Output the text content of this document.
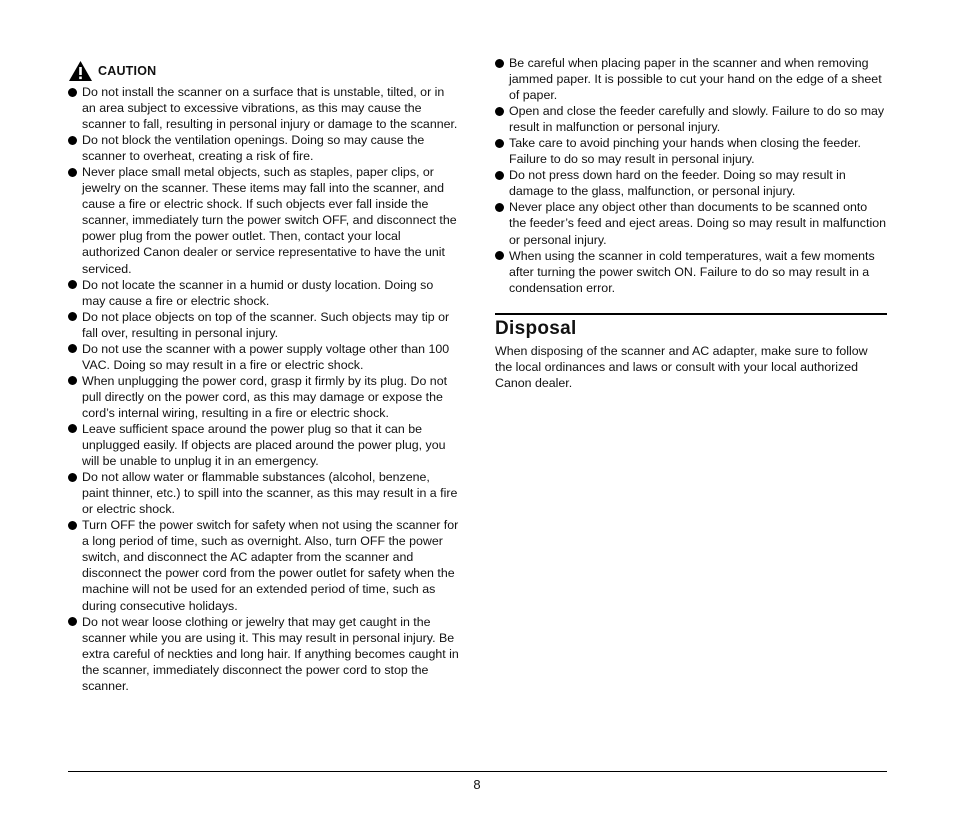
CAUTION
Do not install the scanner on a surface that is unstable, tilted, or in an area subject to excessive vibrations, as this may cause the scanner to fall, resulting in personal injury or damage to the scanner.
Do not block the ventilation openings. Doing so may cause the scanner to overheat, creating a risk of fire.
Never place small metal objects, such as staples, paper clips, or jewelry on the scanner. These items may fall into the scanner, and cause a fire or electric shock. If such objects ever fall inside the scanner, immediately turn the power switch OFF, and disconnect the power plug from the power outlet. Then, contact your local authorized Canon dealer or service representative to have the unit serviced.
Do not locate the scanner in a humid or dusty location. Doing so may cause a fire or electric shock.
Do not place objects on top of the scanner. Such objects may tip or fall over, resulting in personal injury.
Do not use the scanner with a power supply voltage other than 100 VAC. Doing so may result in a fire or electric shock.
When unplugging the power cord, grasp it firmly by its plug. Do not pull directly on the power cord, as this may damage or expose the cord’s internal wiring, resulting in a fire or electric shock.
Leave sufficient space around the power plug so that it can be unplugged easily. If objects are placed around the power plug, you will be unable to unplug it in an emergency.
Do not allow water or flammable substances (alcohol, benzene, paint thinner, etc.) to spill into the scanner, as this may result in a fire or electric shock.
Turn OFF the power switch for safety when not using the scanner for a long period of time, such as overnight. Also, turn OFF the power switch, and disconnect the AC adapter from the scanner and disconnect the power cord from the power outlet for safety when the machine will not be used for an extended period of time, such as during consecutive holidays.
Do not wear loose clothing or jewelry that may get caught in the scanner while you are using it. This may result in personal injury. Be extra careful of neckties and long hair. If anything becomes caught in the scanner, immediately disconnect the power cord to stop the scanner.
Be careful when placing paper in the scanner and when removing jammed paper. It is possible to cut your hand on the edge of a sheet of paper.
Open and close the feeder carefully and slowly. Failure to do so may result in malfunction or personal injury.
Take care to avoid pinching your hands when closing the feeder. Failure to do so may result in personal injury.
Do not press down hard on the feeder. Doing so may result in damage to the glass, malfunction, or personal injury.
Never place any object other than documents to be scanned onto the feeder’s feed and eject areas. Doing so may result in malfunction or personal injury.
When using the scanner in cold temperatures, wait a few moments after turning the power switch ON. Failure to do so may result in a condensation error.
Disposal

When disposing of the scanner and AC adapter, make sure to follow the local ordinances and laws or consult with your local authorized Canon dealer.

8
